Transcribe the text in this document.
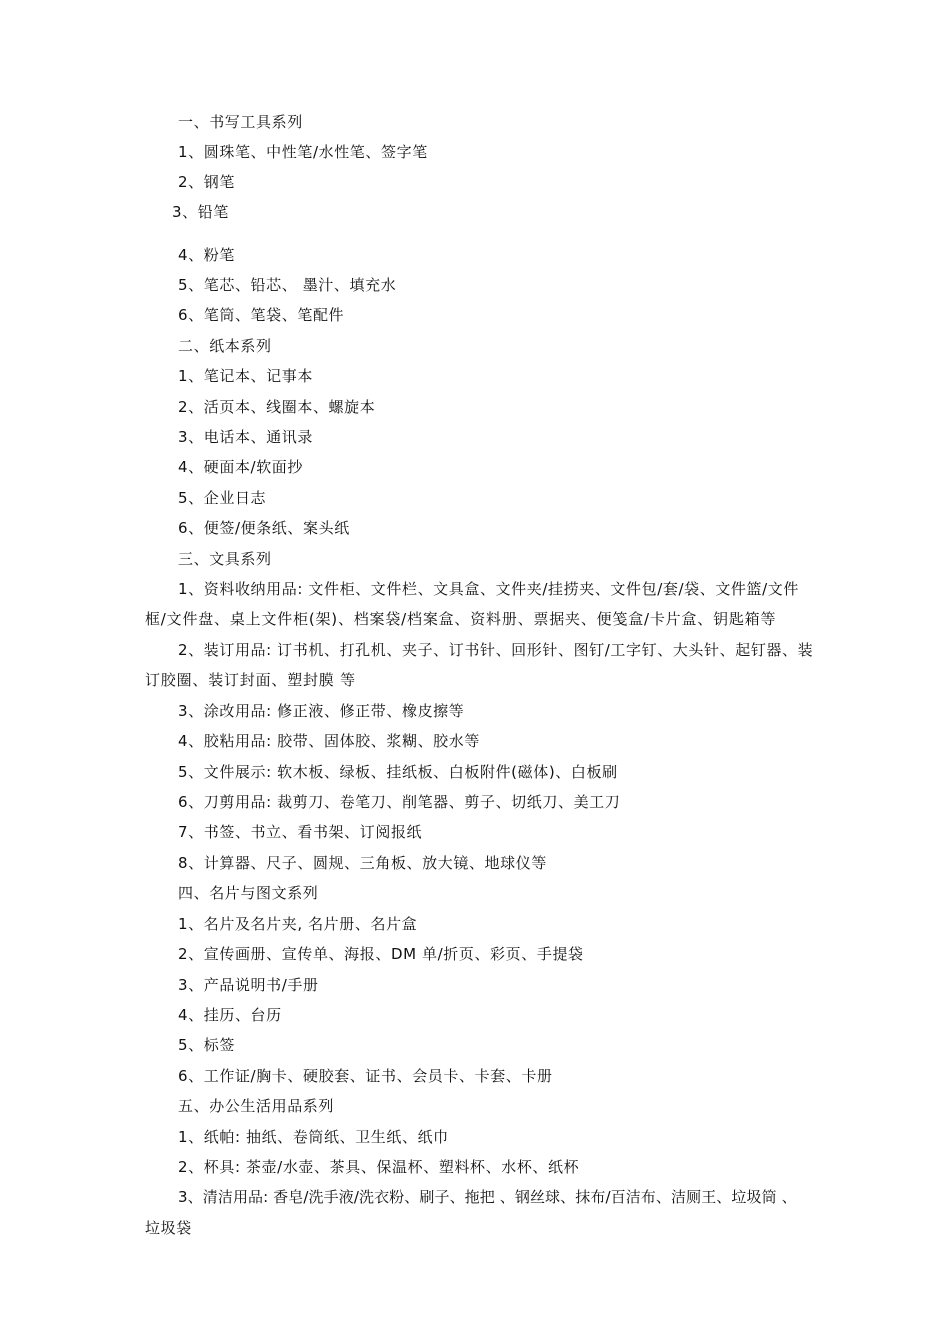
一、书写工具系列
1、圆珠笔、中性笔/水性笔、签字笔
2、钢笔
3、铅笔
4、粉笔
5、笔芯、铅芯、 墨汁、填充水
6、笔筒、笔袋、笔配件
二、纸本系列
1、笔记本、记事本
2、活页本、线圈本、螺旋本
3、电话本、通讯录
4、硬面本/软面抄
5、企业日志
6、便签/便条纸、案头纸
三、文具系列
1、资料收纳用品: 文件柜、文件栏、文具盒、文件夹/挂捞夹、文件包/套/袋、文件篮/文件
框/文件盘、桌上文件柜(架)、档案袋/档案盒、资料册、票据夹、便笺盒/卡片盒、钥匙箱等
2、装订用品: 订书机、打孔机、夹子、订书针、回形针、图钉/工字钉、大头针、起钉器、装
订胶圈、装订封面、塑封膜 等
3、涂改用品: 修正液、修正带、橡皮擦等
4、胶粘用品: 胶带、固体胶、浆糊、胶水等
5、文件展示: 软木板、绿板、挂纸板、白板附件(磁体)、白板刷
6、刀剪用品: 裁剪刀、卷笔刀、削笔器、剪子、切纸刀、美工刀
7、书签、书立、看书架、订阅报纸
8、计算器、尺子、圆规、三角板、放大镜、地球仪等
四、名片与图文系列
1、名片及名片夹, 名片册、名片盒
2、宣传画册、宣传单、海报、DM 单/折页、彩页、手提袋
3、产品说明书/手册
4、挂历、台历
5、标签
6、工作证/胸卡、硬胶套、证书、会员卡、卡套、卡册
五、办公生活用品系列
1、纸帕: 抽纸、卷筒纸、卫生纸、纸巾
2、杯具: 茶壶/水壶、茶具、保温杯、塑料杯、水杯、纸杯
3、清洁用品: 香皂/洗手液/洗衣粉、刷子、拖把 、钢丝球、抹布/百洁布、洁厕王、垃圾筒 、
垃圾袋
